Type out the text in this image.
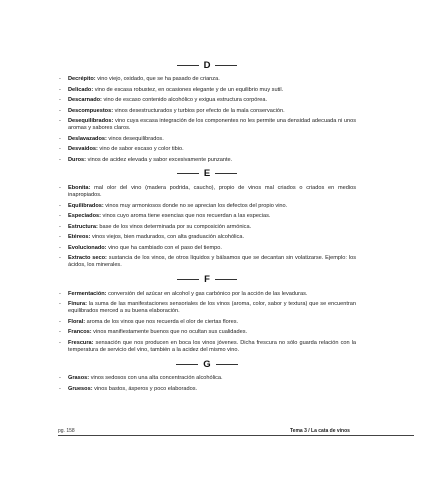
D
- Decrépito: vino viejo, oxidado, que se ha pasado de crianza.
- Delicado: vino de escasa robustez, en ocasiones elegante y de un equilibrio muy sutil.
- Descarnado: vino de escaso contenido alcohólico y exigua estructura corpórea.
- Descompuestos: vinos desestructurados y turbios por efecto de la mala conservación.
- Desequilibrados: vino cuya escasa integración de los componentes no les permite una densidad adecuada ni unos aromas y sabores claros.
- Deslavazados: vinos desequilibrados.
- Desvaídos: vino de sabor escaso y color tibio.
- Duros: vinos de acidez elevada y sabor excesivamente punzante.
E
- Ebonita: mal olor del vino (madera podrida, caucho), propio de vinos mal criados o criados en medios inapropiados.
- Equilibrados: vinos muy armoniosos donde no se aprecian los defectos del propio vino.
- Especiados: vinos cuyo aroma tiene esencias que nos recuerdan a las especias.
- Estructura: base de los vinos determinada por su composición armónica.
- Etéreos: vinos viejos, bien madurados, con alta graduación alcohólica.
- Evolucionado: vino que ha cambiado con el paso del tiempo.
- Extracto seco: sustancia de los vinos, de otros líquidos y bálsamos que se decantan sin volatizarse. Ejemplo: los ácidos, los minerales.
F
- Fermentación: conversión del azúcar en alcohol y gas carbónico por la acción de las levaduras.
- Finura: la suma de las manifestaciones sensoriales de los vinos (aroma, color, sabor y textura) que se encuentran equilibrados merced a su buena elaboración.
- Floral: aroma de los vinos que nos recuerda el olor de ciertas flores.
- Francos: vinos manifiestamente buenos que no ocultan sus cualidades.
- Frescura: sensación que nos producen en boca los vinos jóvenes. Dicha frescura no sólo guarda relación con la temperatura de servicio del vino, también a la acidez del mismo vino.
G
- Grasos: vinos sedosos con una alta concentración alcohólica.
- Gruesos: vinos bastos, ásperos y poco elaborados.
pg. 158	Tema 3 / La cata de vinos
